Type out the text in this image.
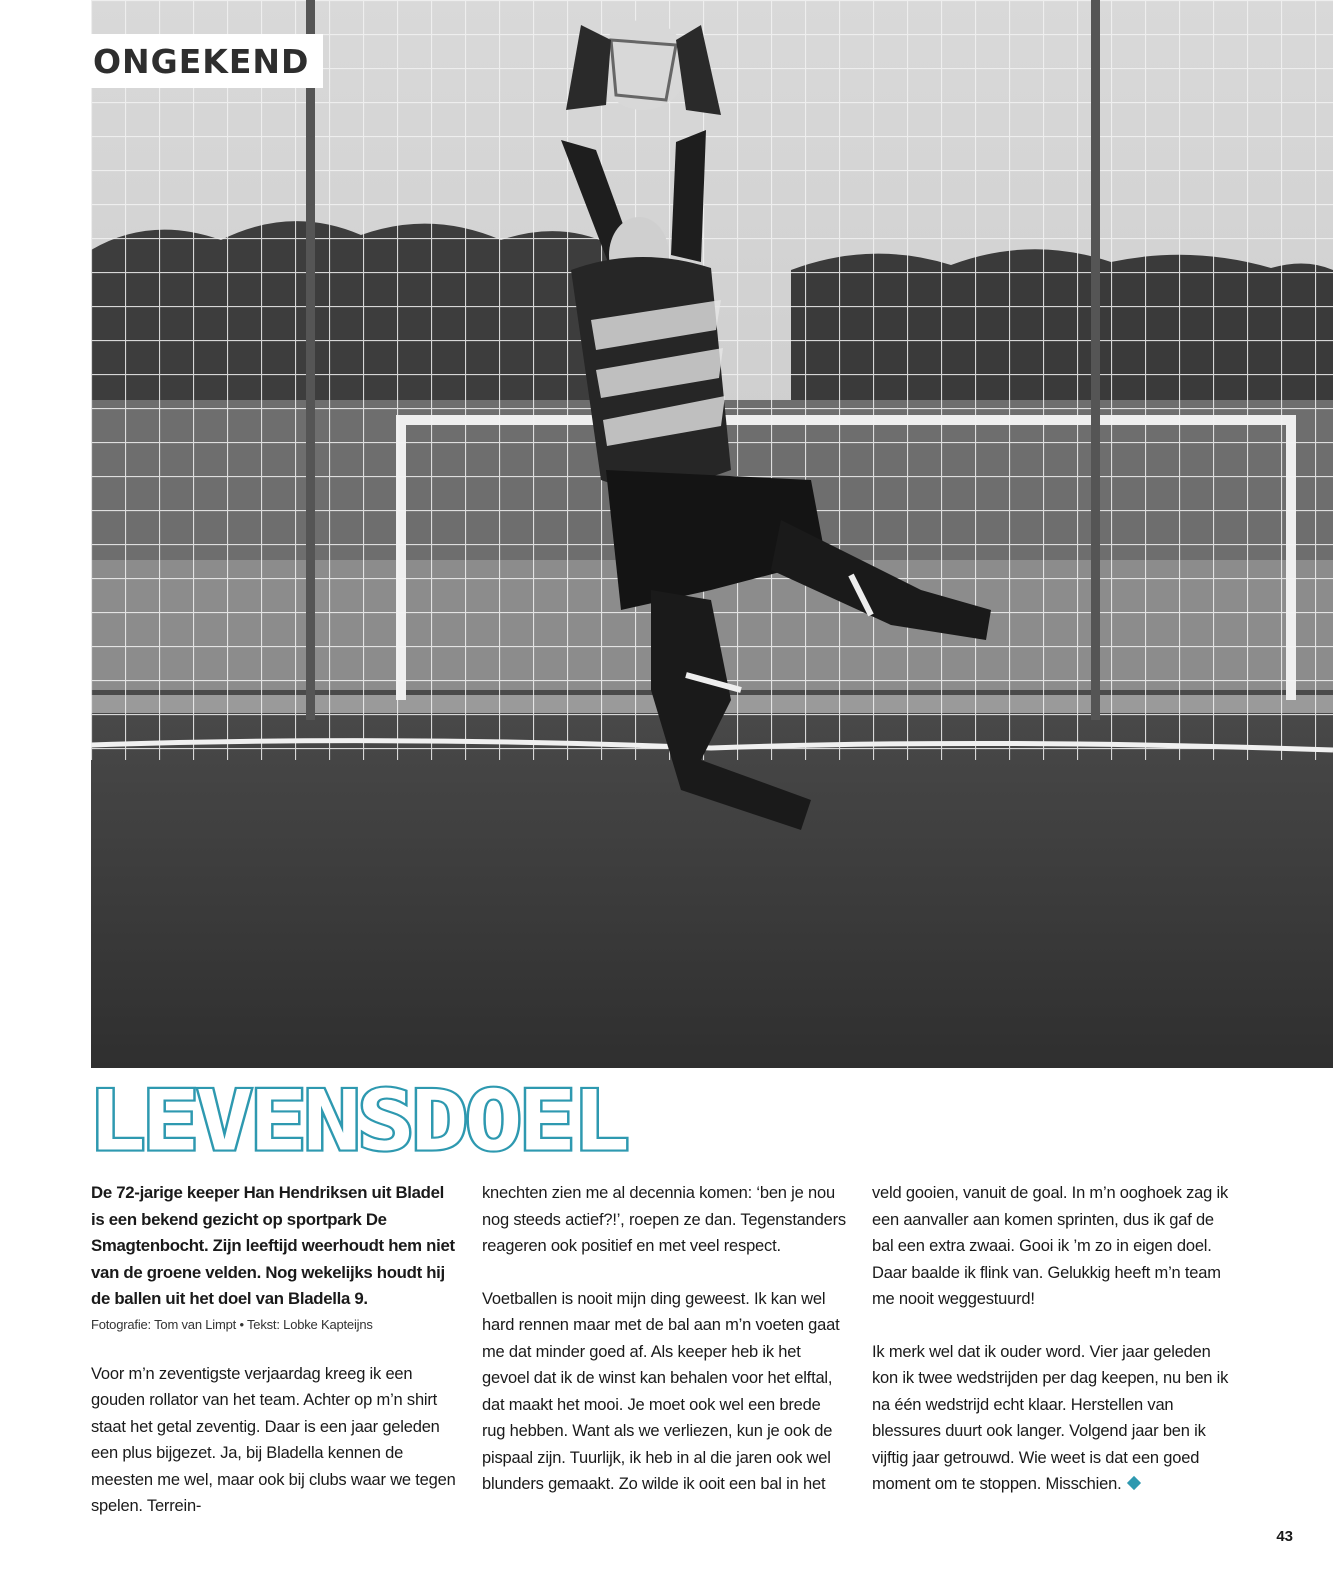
ONGEKEND
LEVENSDOEL

De 72-jarige keeper Han Hendriksen uit Bladel is een bekend gezicht op sportpark De Smagtenbocht. Zijn leeftijd weerhoudt hem niet van de groene velden. Nog wekelijks houdt hij de ballen uit het doel van Bladella 9.

Fotografie: Tom van Limpt • Tekst: Lobke Kapteijns

Voor m’n zeventigste verjaardag kreeg ik een gouden rollator van het team. Achter op m’n shirt staat het getal zeventig. Daar is een jaar geleden een plus bijgezet. Ja, bij Bladella kennen de meesten me wel, maar ook bij clubs waar we tegen spelen. Terrein-

knechten zien me al decennia komen: ‘ben je nou nog steeds actief?!’, roepen ze dan. Tegenstanders reageren ook positief en met veel respect.

Voetballen is nooit mijn ding geweest. Ik kan wel hard rennen maar met de bal aan m’n voeten gaat me dat minder goed af. Als keeper heb ik het gevoel dat ik de winst kan behalen voor het elftal, dat maakt het mooi. Je moet ook wel een brede rug hebben. Want als we verliezen, kun je ook de pispaal zijn. Tuurlijk, ik heb in al die jaren ook wel blunders gemaakt. Zo wilde ik ooit een bal in het

veld gooien, vanuit de goal. In m’n ooghoek zag ik een aanvaller aan komen sprinten, dus ik gaf de bal een extra zwaai. Gooi ik ’m zo in eigen doel. Daar baalde ik flink van. Gelukkig heeft m’n team me nooit weggestuurd!

Ik merk wel dat ik ouder word. Vier jaar geleden kon ik twee wedstrijden per dag keepen, nu ben ik na één wedstrijd echt klaar. Herstellen van blessures duurt ook langer. Volgend jaar ben ik vijftig jaar getrouwd. Wie weet is dat een goed moment om te stoppen. Misschien.

43
